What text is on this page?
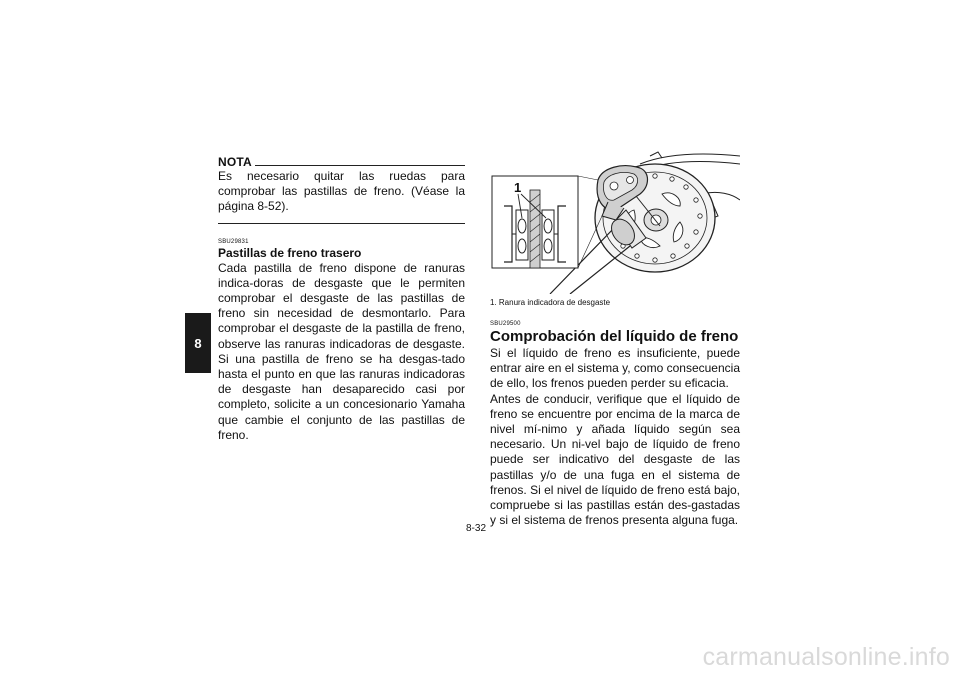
8
NOTA

Es necesario quitar las ruedas para comprobar las pastillas de freno. (Véase la página 8-52).

SBU29831
Pastillas de freno trasero

Cada pastilla de freno dispone de ranuras indica-doras de desgaste que le permiten comprobar el desgaste de las pastillas de freno sin necesidad de desmontarlo. Para comprobar el desgaste de la pastilla de freno, observe las ranuras indicadoras de desgaste. Si una pastilla de freno se ha desgas-tado hasta el punto en que las ranuras indicadoras de desgaste han desaparecido casi por completo, solicite a un concesionario Yamaha que cambie el conjunto de las pastillas de freno.

1
1. Ranura indicadora de desgaste
SBU29500
Comprobación del líquido de freno

Si el líquido de freno es insuficiente, puede entrar aire en el sistema y, como consecuencia de ello, los frenos pueden perder su eficacia.

Antes de conducir, verifique que el líquido de freno se encuentre por encima de la marca de nivel mí-nimo y añada líquido según sea necesario. Un ni-vel bajo de líquido de freno puede ser indicativo del desgaste de las pastillas y/o de una fuga en el sistema de frenos. Si el nivel de líquido de freno está bajo, compruebe si las pastillas están des-gastadas y si el sistema de frenos presenta alguna fuga.

8-32
carmanualsonline.info
